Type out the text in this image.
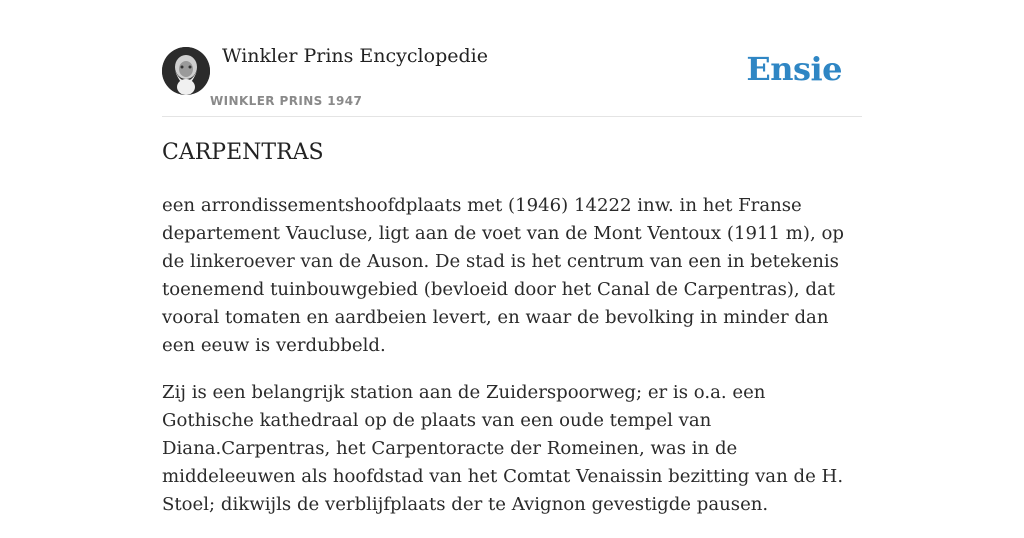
Winkler Prins Encyclopedie
WINKLER PRINS 1947
Ensie
CARPENTRAS

een arrondissementshoofdplaats met (1946) 14222 inw. in het Franse departement Vaucluse, ligt aan de voet van de Mont Ventoux (1911 m), op de linkeroever van de Auson. De stad is het centrum van een in betekenis toenemend tuinbouwgebied (bevloeid door het Canal de Carpentras), dat vooral tomaten en aardbeien levert, en waar de bevolking in minder dan een eeuw is verdubbeld.

Zij is een belangrijk station aan de Zuiderspoorweg; er is o.a. een Gothische kathedraal op de plaats van een oude tempel van Diana.Carpentras, het Carpentoracte der Romeinen, was in de middeleeuwen als hoofdstad van het Comtat Venaissin bezitting van de H. Stoel; dikwijls de verblijfplaats der te Avignon gevestigde pausen.
